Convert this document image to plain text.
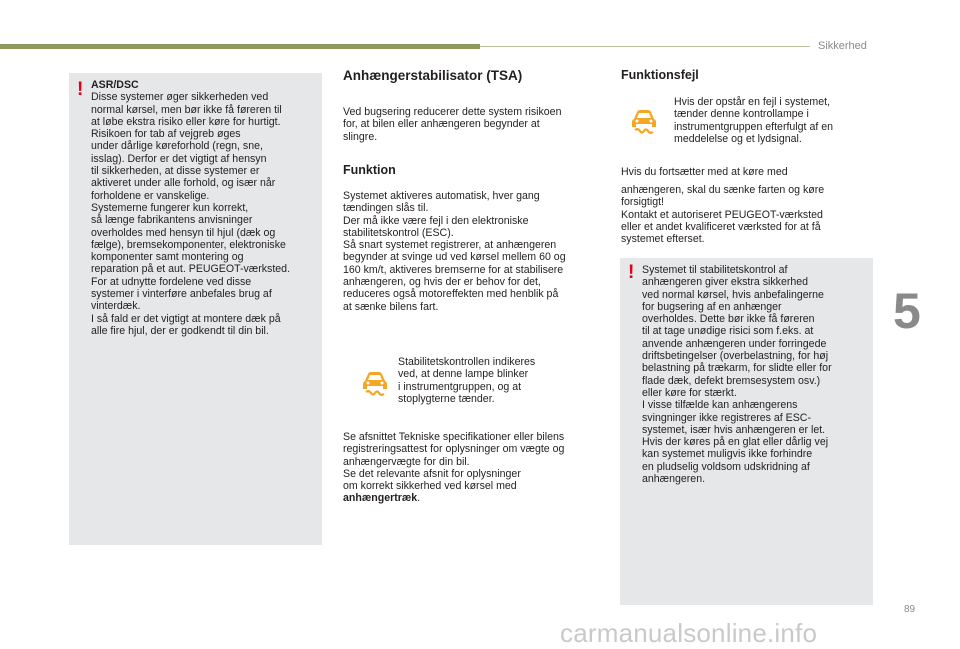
Sikkerhed
5
89
carmanualsonline.info
! ASR/DSC
Disse systemer øger sikkerheden ved
normal kørsel, men bør ikke få føreren til
at løbe ekstra risiko eller køre for hurtigt.
Risikoen for tab af vejgreb øges
under dårlige køreforhold (regn, sne,
isslag). Derfor er det vigtigt af hensyn
til sikkerheden, at disse systemer er
aktiveret under alle forhold, og især når
forholdene er vanskelige.
Systemerne fungerer kun korrekt,
så længe fabrikantens anvisninger
overholdes med hensyn til hjul (dæk og
fælge), bremsekomponenter, elektroniske
komponenter samt montering og
reparation på et aut. PEUGEOT-værksted.
For at udnytte fordelene ved disse
systemer i vinterføre anbefales brug af
vinterdæk.
I så fald er det vigtigt at montere dæk på
alle fire hjul, der er godkendt til din bil.
Anhængerstabilisator (TSA)
Ved bugsering reducerer dette system risikoen
for, at bilen eller anhængeren begynder at
slingre.
Funktion
Systemet aktiveres automatisk, hver gang
tændingen slås til.
Der må ikke være fejl i den elektroniske
stabilitetskontrol (ESC).
Så snart systemet registrerer, at anhængeren
begynder at svinge ud ved kørsel mellem 60 og
160 km/t, aktiveres bremserne for at stabilisere
anhængeren, og hvis der er behov for det,
reduceres også motoreffekten med henblik på
at sænke bilens fart.
Stabilitetskontrollen indikeres
ved, at denne lampe blinker
i instrumentgruppen, og at
stoplygterne tænder.
Se afsnittet Tekniske specifikationer eller bilens
registreringsattest for oplysninger om vægte og
anhængervægte for din bil.
Se det relevante afsnit for oplysninger
om korrekt sikkerhed ved kørsel med
anhængertræk.
Funktionsfejl
Hvis der opstår en fejl i systemet,
tænder denne kontrollampe i
instrumentgruppen efterfulgt af en
meddelelse og et lydsignal.
Hvis du fortsætter med at køre med
anhængeren, skal du sænke farten og køre
forsigtigt!
Kontakt et autoriseret PEUGEOT-værksted
eller et andet kvalificeret værksted for at få
systemet efterset.
! Systemet til stabilitetskontrol af
anhængeren giver ekstra sikkerhed
ved normal kørsel, hvis anbefalingerne
for bugsering af en anhænger
overholdes. Dette bør ikke få føreren
til at tage unødige risici som f.eks. at
anvende anhængeren under forringede
driftsbetingelser (overbelastning, for høj
belastning på trækarm, for slidte eller for
flade dæk, defekt bremsesystem osv.)
eller køre for stærkt.
I visse tilfælde kan anhængerens
svingninger ikke registreres af ESC-
systemet, især hvis anhængeren er let.
Hvis der køres på en glat eller dårlig vej
kan systemet muligvis ikke forhindre
en pludselig voldsom udskridning af
anhængeren.
